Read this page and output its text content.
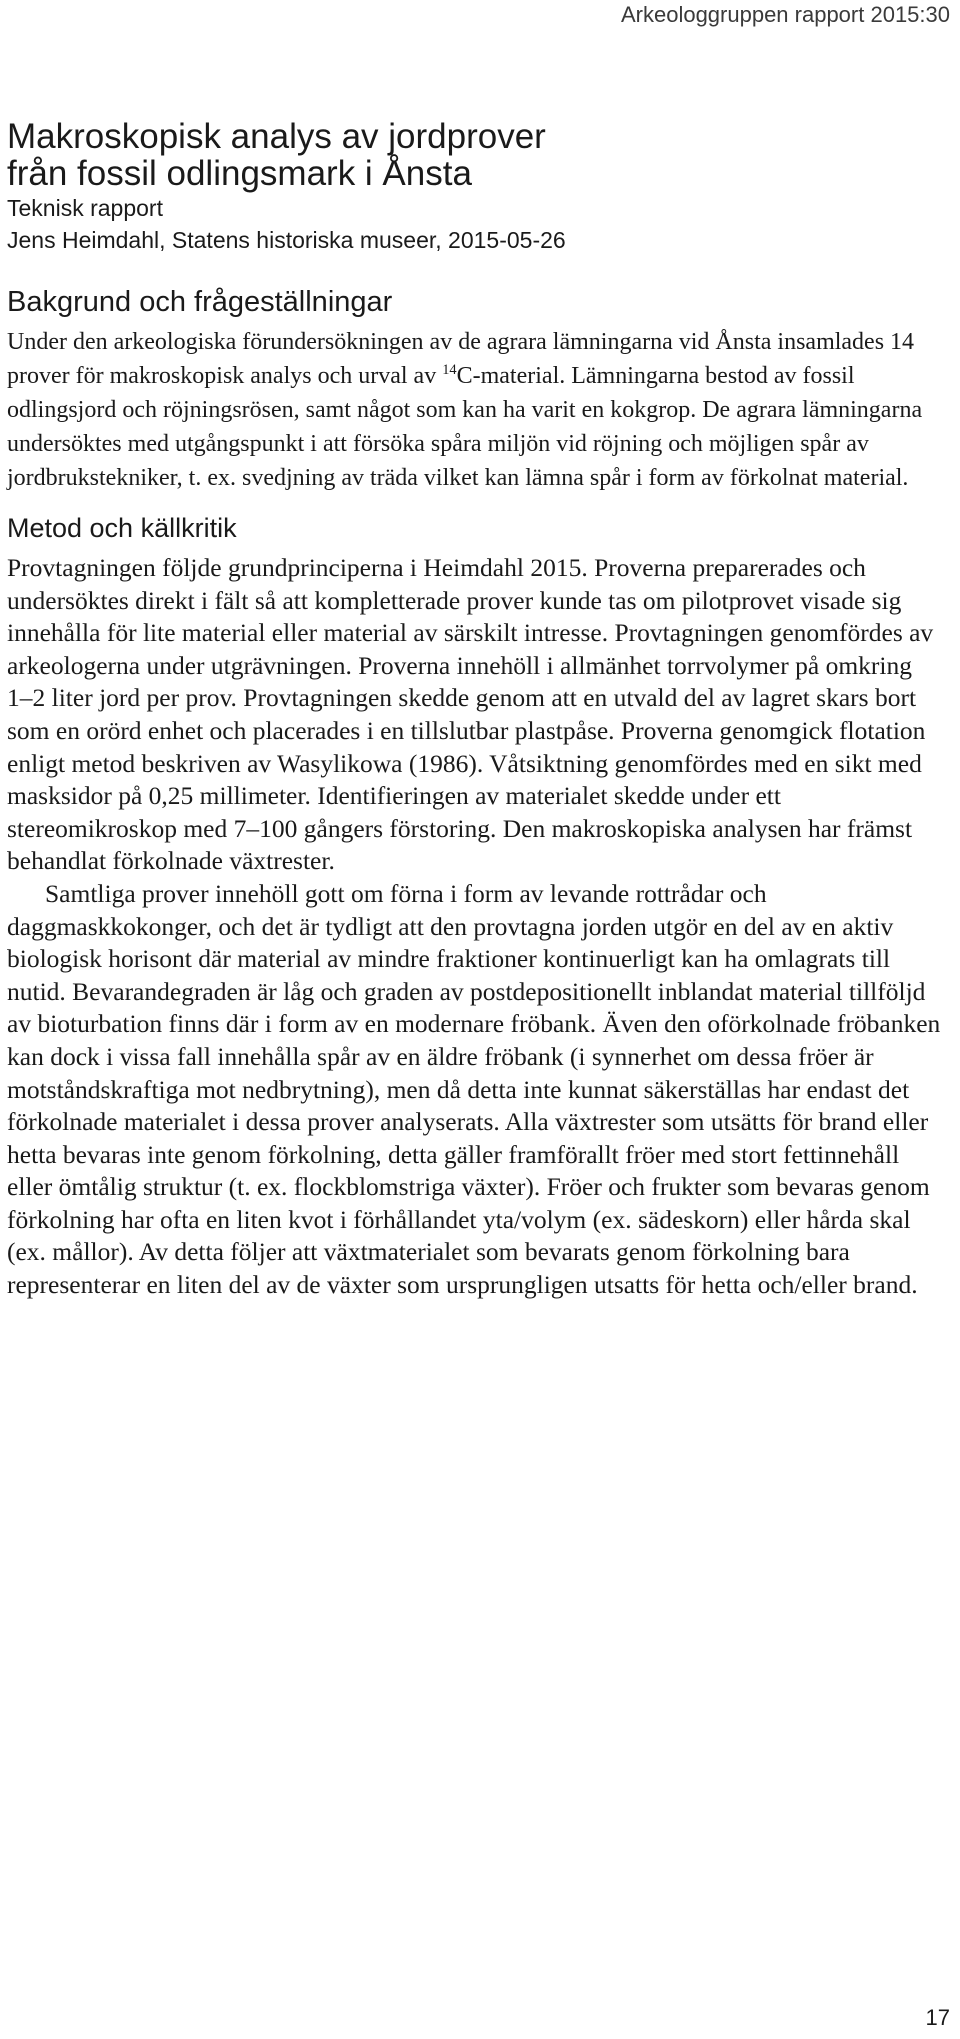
Arkeologgruppen rapport 2015:30
Makroskopisk analys av jordprover
från fossil odlingsmark i Ånsta

Teknisk rapport

Jens Heimdahl, Statens historiska museer, 2015-05-26

Bakgrund och frågeställningar

Under den arkeologiska förundersökningen av de agrara lämningarna vid Ånsta insamlades 14 prover för makroskopisk analys och urval av $^{14}$C-material. Lämningarna bestod av fossil odlingsjord och röjningsrösen, samt något som kan ha varit en kokgrop. De agrara lämningarna undersöktes med utgångspunkt i att försöka spåra miljön vid röjning och möjligen spår av jordbrukstekniker, t. ex. svedjning av träda vilket kan lämna spår i form av förkolnat material.

Metod och källkritik

Provtagningen följde grundprinciperna i Heimdahl 2015. Proverna preparerades och undersöktes direkt i fält så att kompletterade prover kunde tas om pilotprovet visade sig innehålla för lite material eller material av särskilt intresse. Provtagningen genomfördes av arkeologerna under utgrävningen. Proverna innehöll i allmänhet torrvolymer på omkring 1–2 liter jord per prov. Provtagningen skedde genom att en utvald del av lagret skars bort som en orörd enhet och placerades i en tillslutbar plastpåse. Proverna genomgick flotation enligt metod beskriven av Wasylikowa (1986). Våtsiktning genomfördes med en sikt med masksidor på 0,25 millimeter. Identifieringen av materialet skedde under ett stereomikroskop med 7–100 gångers förstoring. Den makroskopiska analysen har främst behandlat förkolnade växtrester.

Samtliga prover innehöll gott om förna i form av levande rottrådar och daggmaskkokonger, och det är tydligt att den provtagna jorden utgör en del av en aktiv biologisk horisont där material av mindre fraktioner kontinuerligt kan ha omlagrats till nutid. Bevarandegraden är låg och graden av postdepositionellt inblandat material tillföljd av bioturbation finns där i form av en modernare fröbank. Även den oförkolnade fröbanken kan dock i vissa fall innehålla spår av en äldre fröbank (i synnerhet om dessa fröer är motståndskraftiga mot nedbrytning), men då detta inte kunnat säkerställas har endast det förkolnade materialet i dessa prover analyserats. Alla växtrester som utsätts för brand eller hetta bevaras inte genom förkolning, detta gäller framförallt fröer med stort fettinnehåll eller ömtålig struktur (t. ex. flockblomstriga växter). Fröer och frukter som bevaras genom förkolning har ofta en liten kvot i förhållandet yta/volym (ex. sädeskorn) eller hårda skal (ex. mållor). Av detta följer att växtmaterialet som bevarats genom förkolning bara representerar en liten del av de växter som ursprungligen utsatts för hetta och/eller brand.

17
